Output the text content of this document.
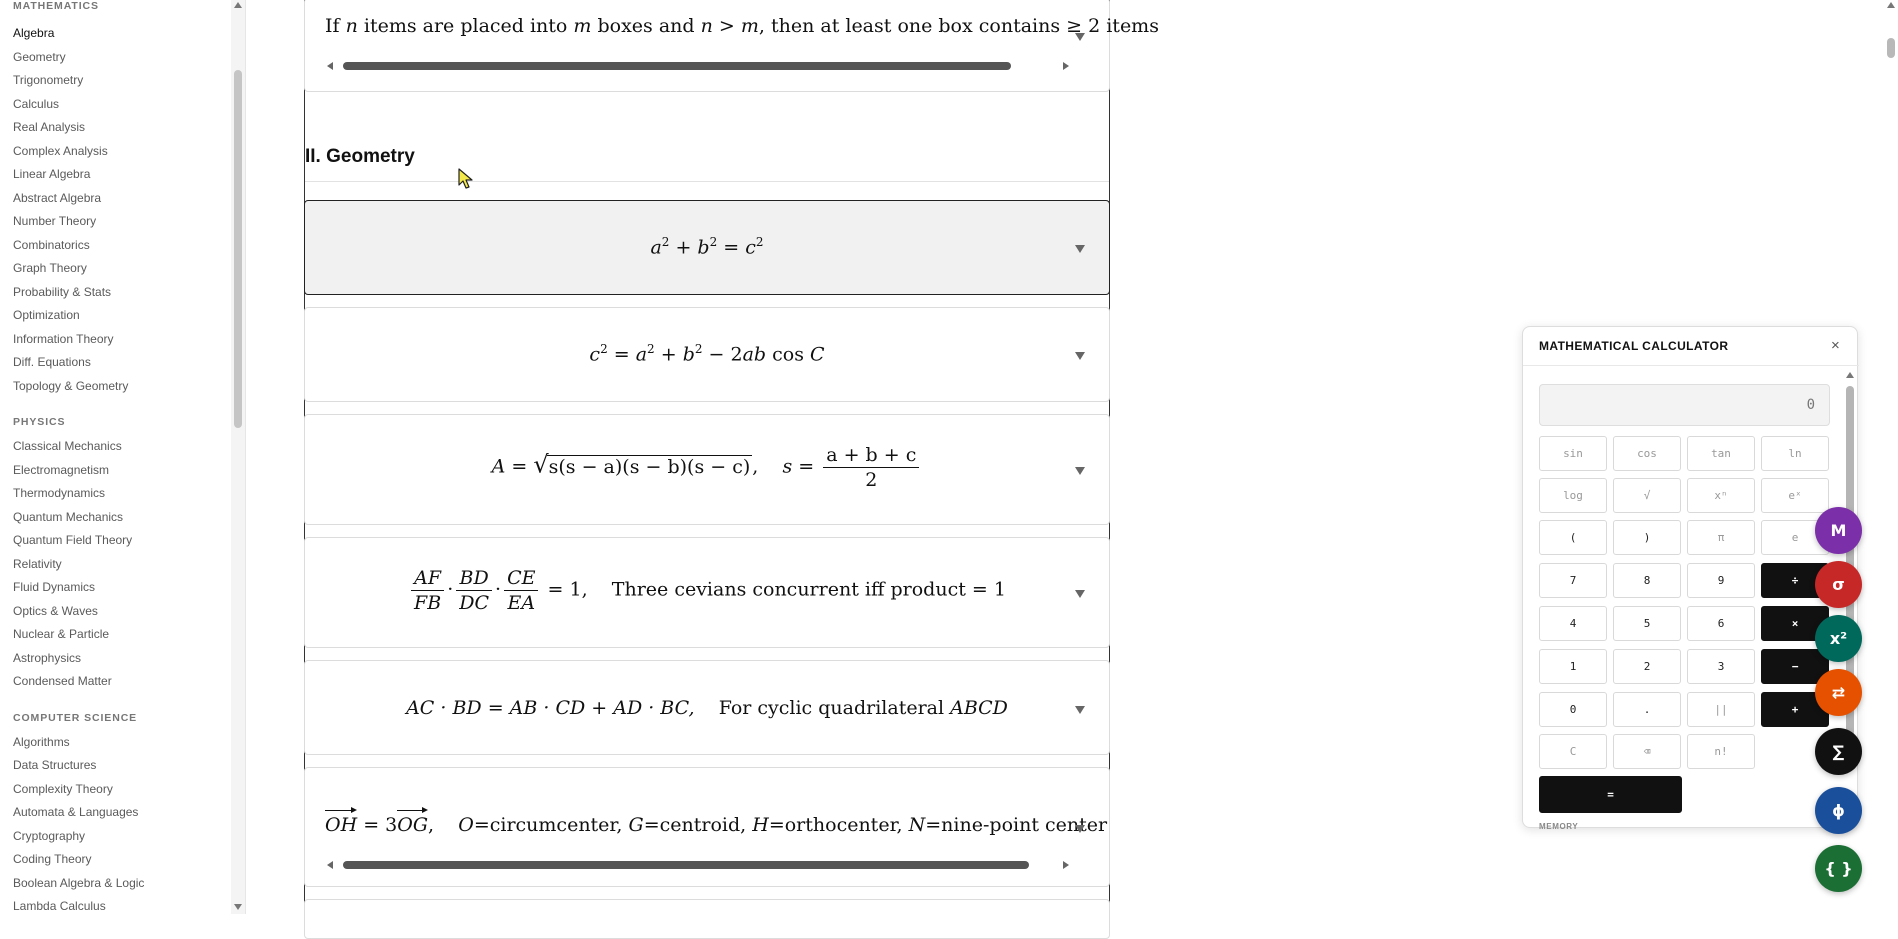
MATHEMATICS
Algebra
Geometry
Trigonometry
Calculus
Real Analysis
Complex Analysis
Linear Algebra
Abstract Algebra
Number Theory
Combinatorics
Graph Theory
Probability & Stats
Optimization
Information Theory
Diff. Equations
Topology & Geometry
PHYSICS
Classical Mechanics
Electromagnetism
Thermodynamics
Quantum Mechanics
Quantum Field Theory
Relativity
Fluid Dynamics
Optics & Waves
Nuclear & Particle
Astrophysics
Condensed Matter
COMPUTER SCIENCE
Algorithms
Data Structures
Complexity Theory
Automata & Languages
Cryptography
Coding Theory
Boolean Algebra & Logic
Lambda Calculus
If n items are placed into m boxes and n > m, then at least one box contains ≥ 2 items
II. Geometry
$a^2 + b^2 = c^2$
$c^2 = a^2 + b^2 - 2ab$ cos C
A = √s(s − a)(s − b)(s − c) , $s = \frac{a + b + c}{2}$
$\frac{AF}{FB} \cdot \frac{BD}{DC} \cdot \frac{CE}{EA} = 1$, Three cevians concurrent iff product = 1
AC · BD = AB · CD + AD · BC, For cyclic quadrilateral ABCD
OH = 3OG, O=circumcenter, G=centroid, H=orthocenter, N=nine-point center
MATHEMATICAL CALCULATOR	×
0
sin	cos	tan	ln
log	√	xⁿ	eˣ
(	)	π	e
7	8	9	÷
4	5	6	×
1	2	3	−
0	.	||	+
C	⌫	n!
=
MEMORY
M
σ
x²
⇄
∑
ϕ
{ }
